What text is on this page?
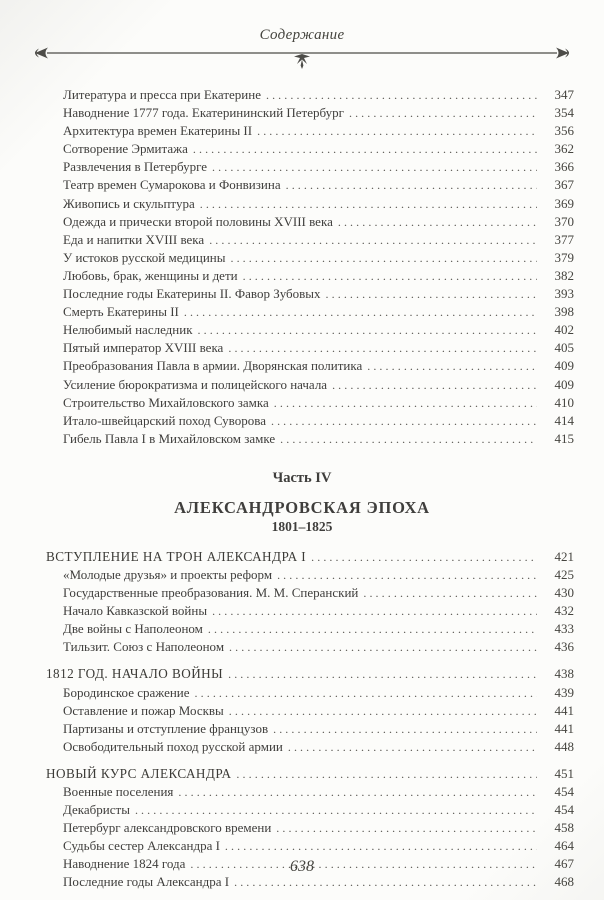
Содержание
Литература и пресса при Екатерине .....	347
Наводнение 1777 года. Екатерининский Петербург .....	354
Архитектура времен Екатерины II .....	356
Сотворение Эрмитажа .....	362
Развлечения в Петербурге .....	366
Театр времен Сумарокова и Фонвизина .....	367
Живопись и скульптура .....	369
Одежда и прически второй половины XVIII века .....	370
Еда и напитки XVIII века .....	377
У истоков русской медицины .....	379
Любовь, брак, женщины и дети .....	382
Последние годы Екатерины II. Фавор Зубовых .....	393
Смерть Екатерины II .....	398
Нелюбимый наследник .....	402
Пятый император XVIII века .....	405
Преобразования Павла в армии. Дворянская политика .....	409
Усиление бюрократизма и полицейского начала .....	409
Строительство Михайловского замка .....	410
Итало-швейцарский поход Суворова .....	414
Гибель Павла I в Михайловском замке .....	415
Часть IV
АЛЕКСАНДРОВСКАЯ ЭПОХА
1801–1825
ВСТУПЛЕНИЕ НА ТРОН АЛЕКСАНДРА I .....	421
«Молодые друзья» и проекты реформ .....	425
Государственные преобразования. М. М. Сперанский .....	430
Начало Кавказской войны .....	432
Две войны с Наполеоном .....	433
Тильзит. Союз с Наполеоном .....	436
1812 ГОД. НАЧАЛО ВОЙНЫ .....	438
Бородинское сражение .....	439
Оставление и пожар Москвы .....	441
Партизаны и отступление французов .....	441
Освободительный поход русской армии .....	448
НОВЫЙ КУРС АЛЕКСАНДРА .....	451
Военные поселения .....	454
Декабристы .....	454
Петербург александровского времени .....	458
Судьбы сестер Александра I .....	464
Наводнение 1824 года .....	467
Последние годы Александра I .....	468
638
